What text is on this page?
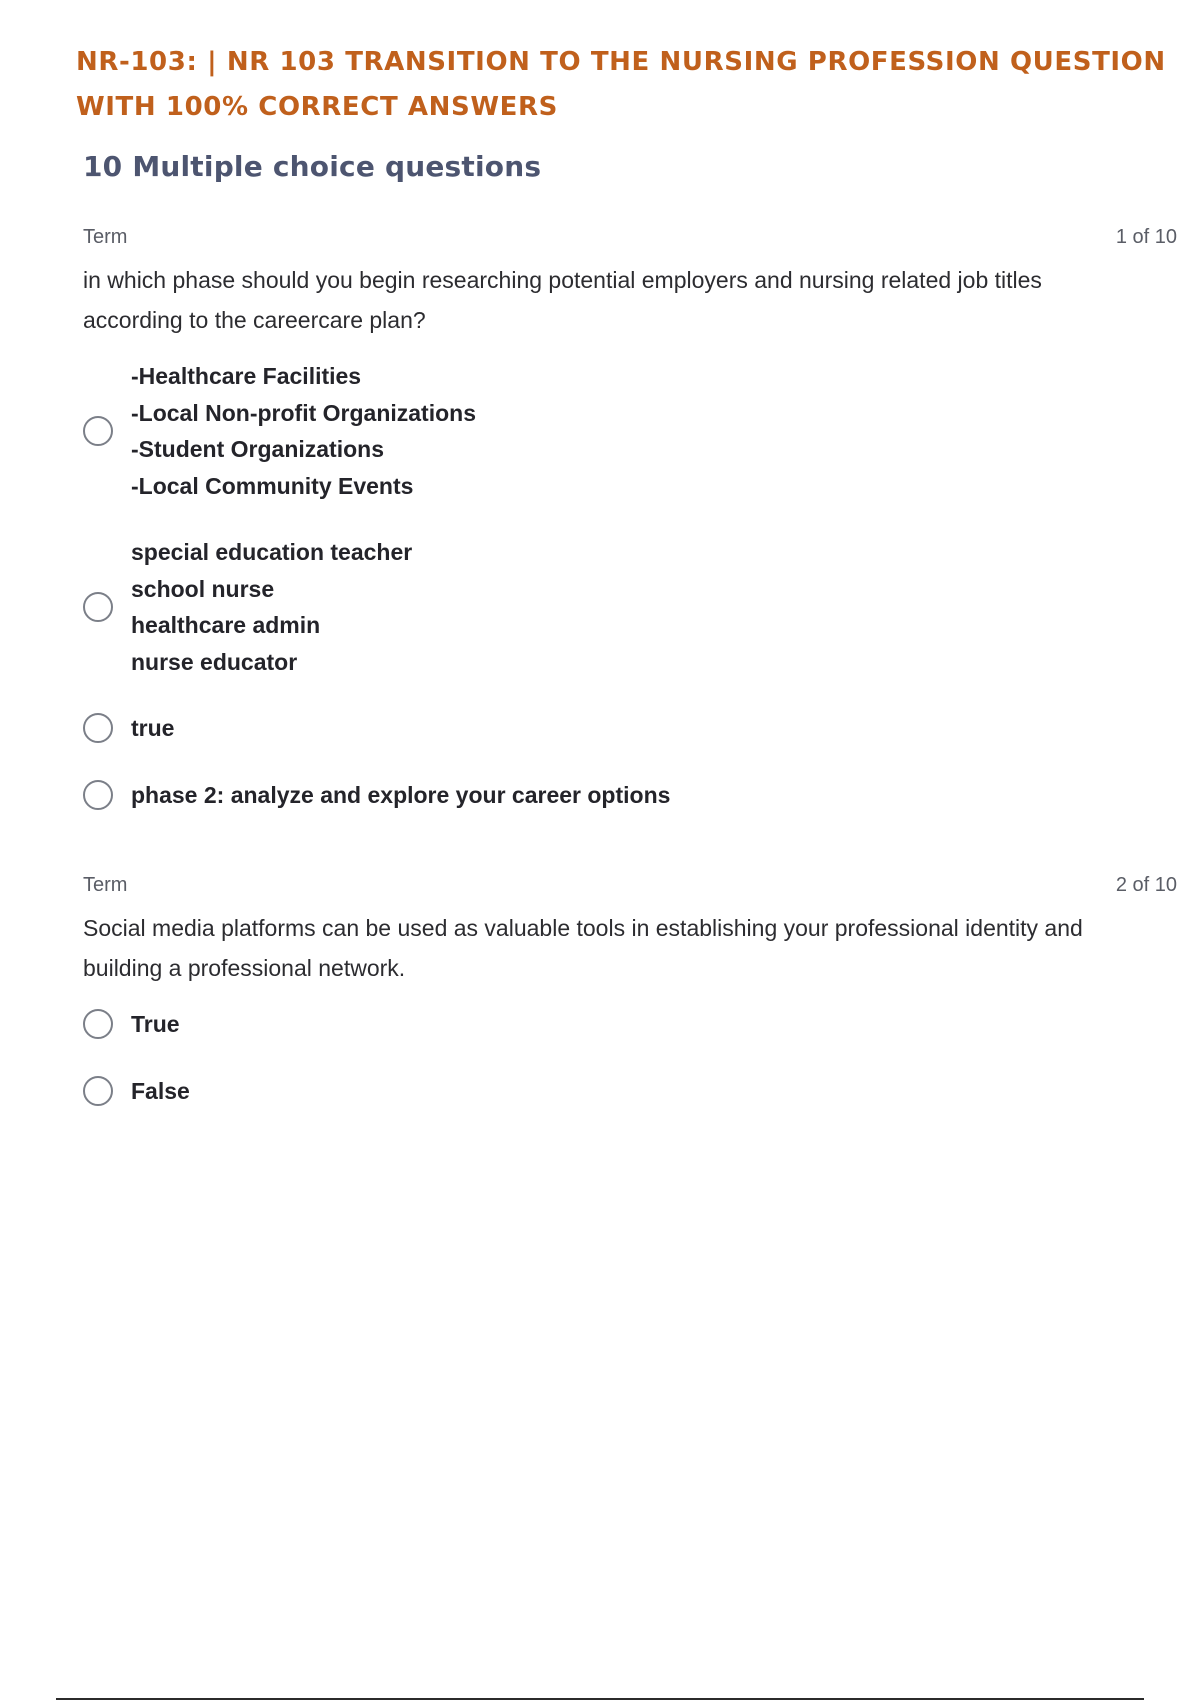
NR-103: | NR 103 TRANSITION TO THE NURSING PROFESSION QUESTION
WITH 100% CORRECT ANSWERS
10 Multiple choice questions
Term	1 of 10
in which phase should you begin researching potential employers and nursing related job titles according to the careercare plan?
-Healthcare Facilities
-Local Non-profit Organizations
-Student Organizations
-Local Community Events
special education teacher
school nurse
healthcare admin
nurse educator
true
phase 2: analyze and explore your career options
Term	2 of 10
Social media platforms can be used as valuable tools in establishing your professional identity and building a professional network.
True
False
